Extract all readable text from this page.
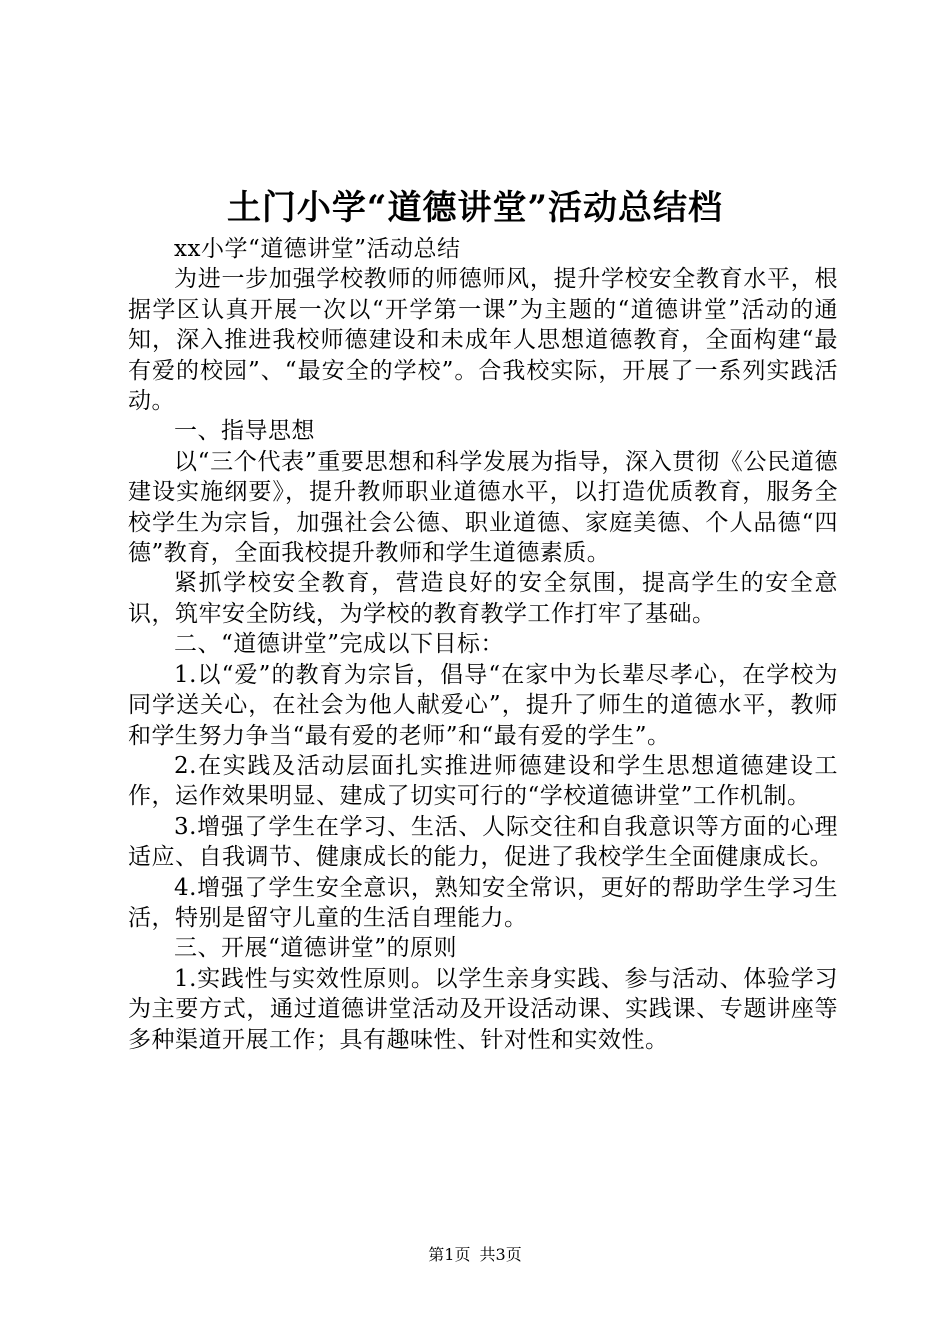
土门小学“道德讲堂”活动总结档

xx小学“道德讲堂”活动总结

为进一步加强学校教师的师德师风，提升学校安全教育水平，根据学区认真开展一次以“开学第一课”为主题的“道德讲堂”活动的通知，深入推进我校师德建设和未成年人思想道德教育，全面构建“最有爱的校园”、“最安全的学校”。合我校实际，开展了一系列实践活动。

一、指导思想

以“三个代表”重要思想和科学发展为指导，深入贯彻《公民道德建设实施纲要》，提升教师职业道德水平，以打造优质教育，服务全校学生为宗旨，加强社会公德、职业道德、家庭美德、个人品德“四德”教育，全面我校提升教师和学生道德素质。

紧抓学校安全教育，营造良好的安全氛围，提高学生的安全意识，筑牢安全防线，为学校的教育教学工作打牢了基础。

二、“道德讲堂”完成以下目标：

1.以“爱”的教育为宗旨，倡导“在家中为长辈尽孝心，在学校为同学送关心，在社会为他人献爱心”，提升了师生的道德水平，教师和学生努力争当“最有爱的老师”和“最有爱的学生”。

2.在实践及活动层面扎实推进师德建设和学生思想道德建设工作，运作效果明显、建成了切实可行的“学校道德讲堂”工作机制。

3.增强了学生在学习、生活、人际交往和自我意识等方面的心理适应、自我调节、健康成长的能力，促进了我校学生全面健康成长。

4.增强了学生安全意识，熟知安全常识，更好的帮助学生学习生活，特别是留守儿童的生活自理能力。

三、开展“道德讲堂”的原则

1.实践性与实效性原则。以学生亲身实践、参与活动、体验学习为主要方式，通过道德讲堂活动及开设活动课、实践课、专题讲座等多种渠道开展工作；具有趣味性、针对性和实效性。

第1页 共3页
